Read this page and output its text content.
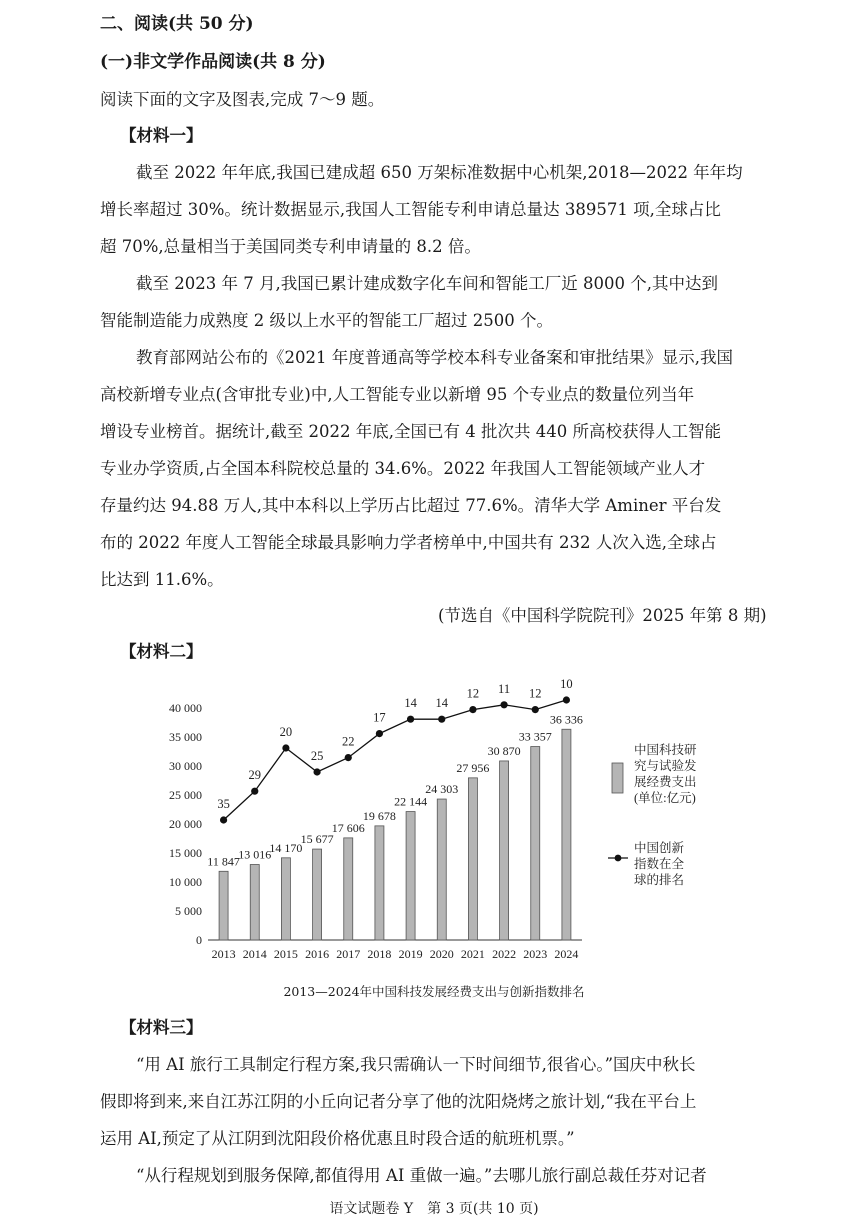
二、阅读(共 50 分)
(一)非文学作品阅读(共 8 分)
阅读下面的文字及图表,完成 7～9 题。
【材料一】
截至 2022 年年底,我国已建成超 650 万架标准数据中心机架,2018—2022 年年均
增长率超过 30%。统计数据显示,我国人工智能专利申请总量达 389571 项,全球占比
超 70%,总量相当于美国同类专利申请量的 8.2 倍。
截至 2023 年 7 月,我国已累计建成数字化车间和智能工厂近 8000 个,其中达到
智能制造能力成熟度 2 级以上水平的智能工厂超过 2500 个。
教育部网站公布的《2021 年度普通高等学校本科专业备案和审批结果》显示,我国
高校新增专业点(含审批专业)中,人工智能专业以新增 95 个专业点的数量位列当年
增设专业榜首。据统计,截至 2022 年底,全国已有 4 批次共 440 所高校获得人工智能
专业办学资质,占全国本科院校总量的 34.6%。2022 年我国人工智能领域产业人才
存量约达 94.88 万人,其中本科以上学历占比超过 77.6%。清华大学 Aminer 平台发
布的 2022 年度人工智能全球最具影响力学者榜单中,中国共有 232 人次入选,全球占
比达到 11.6%。
(节选自《中国科学院院刊》2025 年第 8 期)
【材料二】
0
5 000
10 000
15 000
20 000
25 000
30 000
35 000
40 000
11 847
2013
13 016
2014
14 170
2015
15 677
2016
17 606
2017
19 678
2018
22 144
2019
24 303
2020
27 956
2021
30 870
2022
33 357
2023
36 336
2024
35
29
20
25
22
17
14 14
12 11 12
10
中国科技研
究与试验发
展经费支出
(单位:亿元)
中国创新
指数在全
球的排名
2013—2024年中国科技发展经费支出与创新指数排名
【材料三】
“用 AI 旅行工具制定行程方案,我只需确认一下时间细节,很省心。”国庆中秋长
假即将到来,来自江苏江阴的小丘向记者分享了他的沈阳烧烤之旅计划,“我在平台上
运用 AI,预定了从江阴到沈阳段价格优惠且时段合适的航班机票。”
“从行程规划到服务保障,都值得用 AI 重做一遍。”去哪儿旅行副总裁任芬对记者
语文试题卷 Y　第 3 页(共 10 页)
